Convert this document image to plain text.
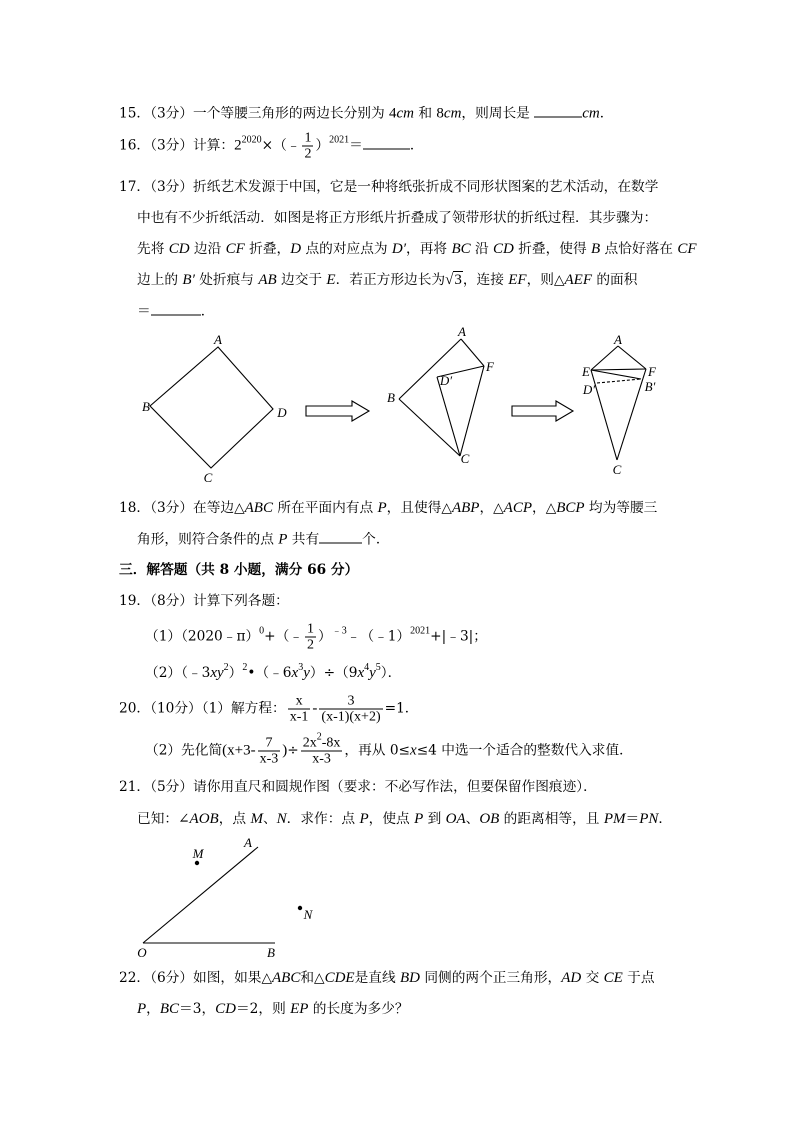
15．（3分）一个等腰三角形的两边长分别为 4cm 和 8cm，则周长是	cm．
16．（3分）计算：$2^{2020}\times(﹣ \frac{1}{2} )^{2021}=$	．
17．（3分）折纸艺术发源于中国，它是一种将纸张折成不同形状图案的艺术活动，在数学
中也有不少折纸活动．如图是将正方形纸片折叠成了领带形状的折纸过程．其步骤为：
先将 CD 边沿 CF 折叠，D 点的对应点为 D′，再将 BC 沿 CD 折叠，使得 B 点恰好落在 CF
边上的 B′ 处折痕与 AB 边交于 E．若正方形边长为√3，连接 EF，则△AEF 的面积
＝	．
18．（3分）在等边△ABC 所在平面内有点 P，且使得△ABP，△ACP，△BCP 均为等腰三
角形，则符合条件的点 P 共有	个．
三．解答题（共 8 小题，满分 66 分）
19．（8分）计算下列各题：
（1）（2020﹣π）$^0$+（﹣ $\frac{1}{2}$ ）$^{﹣3}$﹣（﹣1）$^{2021}$+|﹣3|；
$(2)(﹣3xy^2)^2•(﹣6x^3y)\div(9x^4y^5)$．
20．（10分）（1）解方程： $\frac{x}{x-1} - \frac{3}{(x-1)(x+2)} =1$．
（2）先化简($x+3- \frac{7}{x-3}$ )÷ $\frac{2x^2-8x}{x-3}$ ，再从 0≤x≤4 中选一个适合的整数代入求值．
21．（5分）请你用直尺和圆规作图（要求：不必写作法，但要保留作图痕迹）．
已知：∠AOB，点 M、N．求作：点 P，使点 P 到 OA、OB 的距离相等，且 PM＝PN．
22．（6分）如图，如果△ABC和△CDE是直线 BD 同侧的两个正三角形，AD 交 CE 于点
P，BC＝3，CD＝2，则 EP 的长度为多少？
A
B	D
C
A
F
D′
B
C
A
E	F
D′	B′
C
A
O	B
M
N
